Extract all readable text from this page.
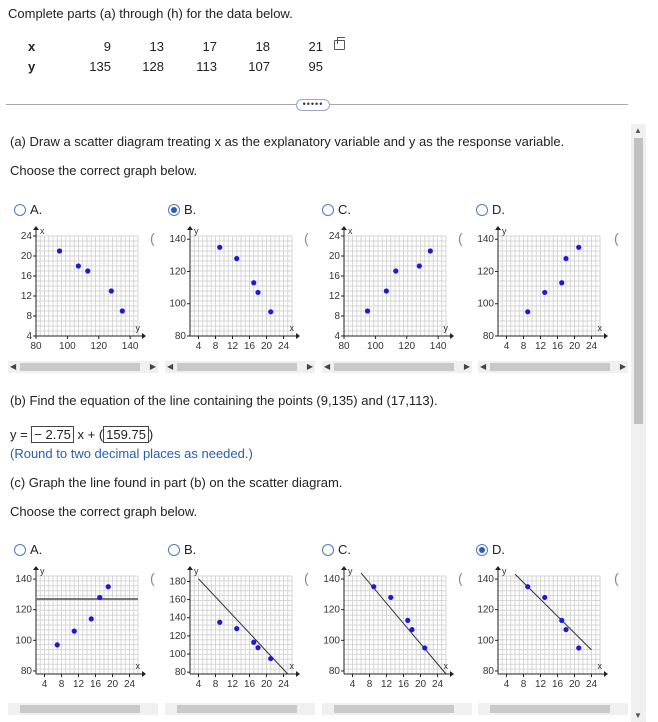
Complete parts (a) through (h) for the data below.
x	9	13	17	18	21
y	135	128	113	107	95
•••••
(a) Draw a scatter diagram treating x as the explanatory variable and y as the response variable.
Choose the correct graph below.
A.	B.	C.	D.
80 100 120 140
4
8
12
16
20
24
y
x
4 8 12 16 20 24
80
100
120
140
x
y
80 100 120 140
4
8
12
16
20
24
y
x
4 8 12 16 20 24
80
100
120
140
x
y
(	(	(	(
◀	▶ ◀	▶ ◀	▶ ◀	▶
(b) Find the equation of the line containing the points (9,135) and (17,113).
y = − 2.75 x + ( 159.75 )
(Round to two decimal places as needed.)
(c) Graph the line found in part (b) on the scatter diagram.
Choose the correct graph below.
A.	B.	C.	D.
4 8 12 16 20 24
80
100
120
140
x
y
4 8 12 16 20 24
80
100
120
140
160
180
x
y
4 8 12 16 20 24
80
100
120
140
x
y
4 8 12 16 20 24
80
100
120
140
x
y
(	(	(	(
▲
▼
